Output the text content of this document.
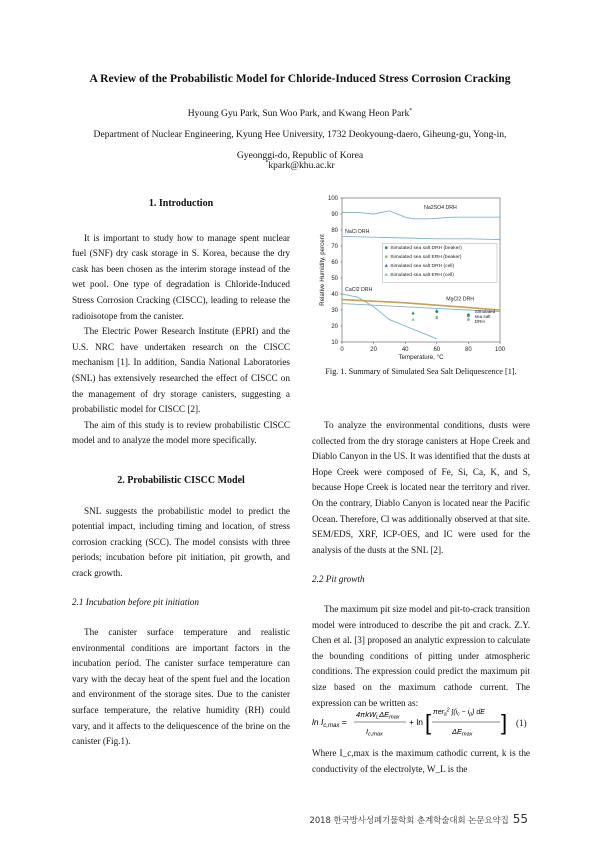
A Review of the Probabilistic Model for Chloride-Induced Stress Corrosion Cracking
Hyoung Gyu Park, Sun Woo Park, and Kwang Heon Park*
Department of Nuclear Engineering, Kyung Hee University, 1732 Deokyoung-daero, Giheung-gu, Yong-in,
Gyeonggi-do, Republic of Korea
*kpark@khu.ac.kr
1. Introduction

It is important to study how to manage spent nuclear fuel (SNF) dry cask storage in S. Korea, because the dry cask has been chosen as the interim storage instead of the wet pool. One type of degradation is Chloride-Induced Stress Corrosion Cracking (CISCC), leading to release the radioisotope from the canister.

The Electric Power Research Institute (EPRI) and the U.S. NRC have undertaken research on the CISCC mechanism [1]. In addition, Sandia National Laboratories (SNL) has extensively researched the effect of CISCC on the management of dry storage canisters, suggesting a probabilistic model for CISCC [2].

The aim of this study is to review probabilistic CISCC model and to analyze the model more specifically.

2. Probabilistic CISCC Model

SNL suggests the probabilistic model to predict the potential impact, including timing and location, of stress corrosion cracking (SCC). The model consists with three periods; incubation before pit initiation, pit growth, and crack growth.

2.1 Incubation before pit initiation

The canister surface temperature and realistic environmental conditions are important factors in the incubation period. The canister surface temperature can vary with the decay heat of the spent fuel and the location and environment of the storage sites. Due to the canister surface temperature, the relative humidity (RH) could vary, and it affects to the deliquescence of the brine on the canister (Fig.1).

0	20	40	60	80	100
10
20
30
40
50
60
70
80
90
100
Temperature, °C
Relative Humidity, percent
Na2SO4 DRH
NaCl DRH
CaCl2 DRH
MgCl2 DRH
Simulated sea salt DRH
Simulated sea salt DRH (beaker)
Simulated sea salt ERH (beaker)
Simulated sea salt DRH (cell)
Simulated sea salt ERH (cell)
Fig. 1. Summary of Simulated Sea Salt Deliquescence [1].

To analyze the environmental conditions, dusts were collected from the dry storage canisters at Hope Creek and Diablo Canyon in the US. It was identified that the dusts at Hope Creek were composed of Fe, Si, Ca, K, and S, because Hope Creek is located near the territory and river. On the contrary, Diablo Canyon is located near the Pacific Ocean. Therefore, Cl was additionally observed at that site. SEM/EDS, XRF, ICP-OES, and IC were used for the analysis of the dusts at the SNL [2].

2.2 Pit growth

The maximum pit size model and pit-to-crack transition model were introduced to describe the pit and crack. Z.Y. Chen et al. [3] proposed an analytic expression to calculate the bounding conditions of pitting under atmospheric conditions. The expression could predict the maximum pit size based on the maximum cathode current. The expression can be written as:

$\ln I_{c,max}$ =
$4\pi kW_L\Delta E_{max}$
$I_{c,max}$
+ ln [ πer$_a^2$ $\int(i_c - i_p)$ dE
$\Delta E_{max}$ ] (1)
Where I_c,max is the maximum cathodic current, k is the conductivity of the electrolyte, W_L is the
2018 한국방사성폐기물학회 춘계학술대회 논문요약집 55
